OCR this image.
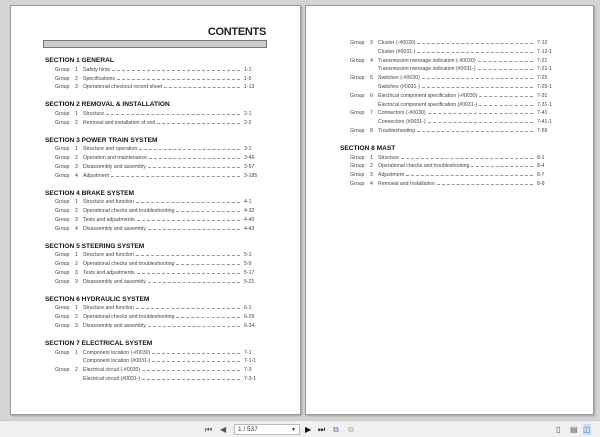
CONTENTS
SECTION 1 GENERAL
Group	1 Safety hints	1-1
Group	2 Specifications	1-5
Group	3 Operational checkout record sheet	1-13
SECTION 2 REMOVAL & INSTALLATION
Group	1 Structure	2-1
Group	2 Removal and installation of unit	2-2
SECTION 3 POWER TRAIN SYSTEM
Group	1 Structure and operation	3-1
Group	2 Operation and maintenance	3-46
Group	3 Disassembly and assembly	3-57
Group	4 Adjustment	3-185
SECTION 4 BRAKE SYSTEM
Group	1 Structure and function	4-1
Group	2 Operational checks and troubleshooting	4-32
Group	3 Tests and adjustments	4-40
Group	4 Disassembly and assembly	4-43
SECTION 5 STEERING SYSTEM
Group	1 Structure and function	5-1
Group	2 Operational checks and troubleshooting	5-9
Group	3 Tests and adjustments	5-17
Group	3 Disassembly and assembly	5-21
SECTION 6 HYDRAULIC SYSTEM
Group	1 Structure and function	6-1
Group	2 Operational checks and troubleshooting	6-29
Group	3 Disassembly and assembly	6-34
SECTION 7 ELECTRICAL SYSTEM
Group	1 Component location (-#0030)	7-1
Component location (#0031-)	7-1-1
Group	2 Electrical circuit (-#0030)	7-3
Electrical circuit (#0031-)	7-3-1
Group	3 Cluster (-#0030)	7-12
Cluster (#0031-)	7-12-1
Group	4 Transmission message indication (-#0030)	7-21
Transmission message indication (#0031-)	7-21-1
Group	5 Switches (-#0030)	7-25
Switches (#0031-)	7-25-1
Group	6 Electrical component specification (-#0030)	7-31
Electrical component specification (#0031-)	7-31-1
Group	7 Connectors (-#0030)	7-41
Connectors (#0031-)	7-41-1
Group	8 Troubleshooting	7-59
SECTION 8 MAST
Group	1 Structure	8-1
Group	2 Operational checks and troubleshooting	8-4
Group	3 Adjustment	8-7
Group	4 Removal and Installation	8-9
⏮ ◀	1 / 537	▼ ▶ ⏭ ⧉ ⧉	▯ ▤ ◫
